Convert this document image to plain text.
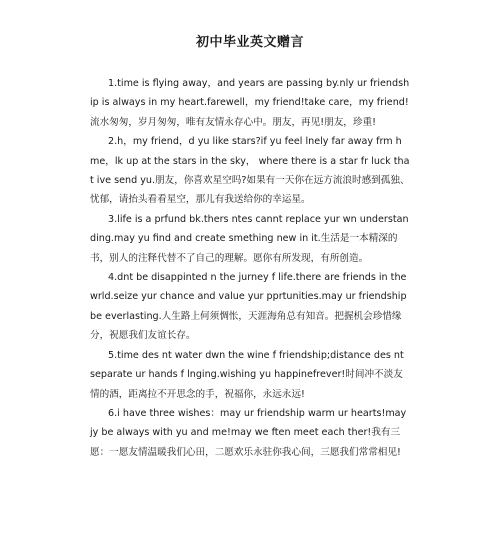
初中毕业英文赠言

1.time is flying away，and years are passing by.nly ur friendship is always in my heart.farewell，my friend!take care，my friend!流水匆匆，岁月匆匆，唯有友情永存心中。朋友，再见!朋友，珍重!

2.h，my friend，d yu like stars?if yu feel lnely far away frm hme，lk up at the stars in the sky， where there is a star fr luck that ive send yu.朋友，你喜欢星空吗?如果有一天你在远方流浪时感到孤独、忧郁，请抬头看看星空，那儿有我送给你的幸运星。

3.life is a prfund bk.thers ntes cannt replace yur wn understanding.may yu find and create smething new in it.生活是一本精深的书，别人的注释代替不了自己的理解。愿你有所发现，有所创造。

4.dnt be disappinted n the jurney f life.there are friends in the wrld.seize yur chance and value yur pprtunities.may ur friendship be everlasting.人生路上何须惆怅，天涯海角总有知音。把握机会珍惜缘分，祝愿我们友谊长存。

5.time des nt water dwn the wine f friendship;distance des nt separate ur hands f lnging.wishing yu happinefrever!时间冲不淡友情的酒，距离拉不开思念的手，祝福你，永远永远!

6.i have three wishes：may ur friendship warm ur hearts!may jy be always with yu and me!may we ften meet each ther!我有三愿：一愿友情温暖我们心田，二愿欢乐永驻你我心间，三愿我们常常相见!
